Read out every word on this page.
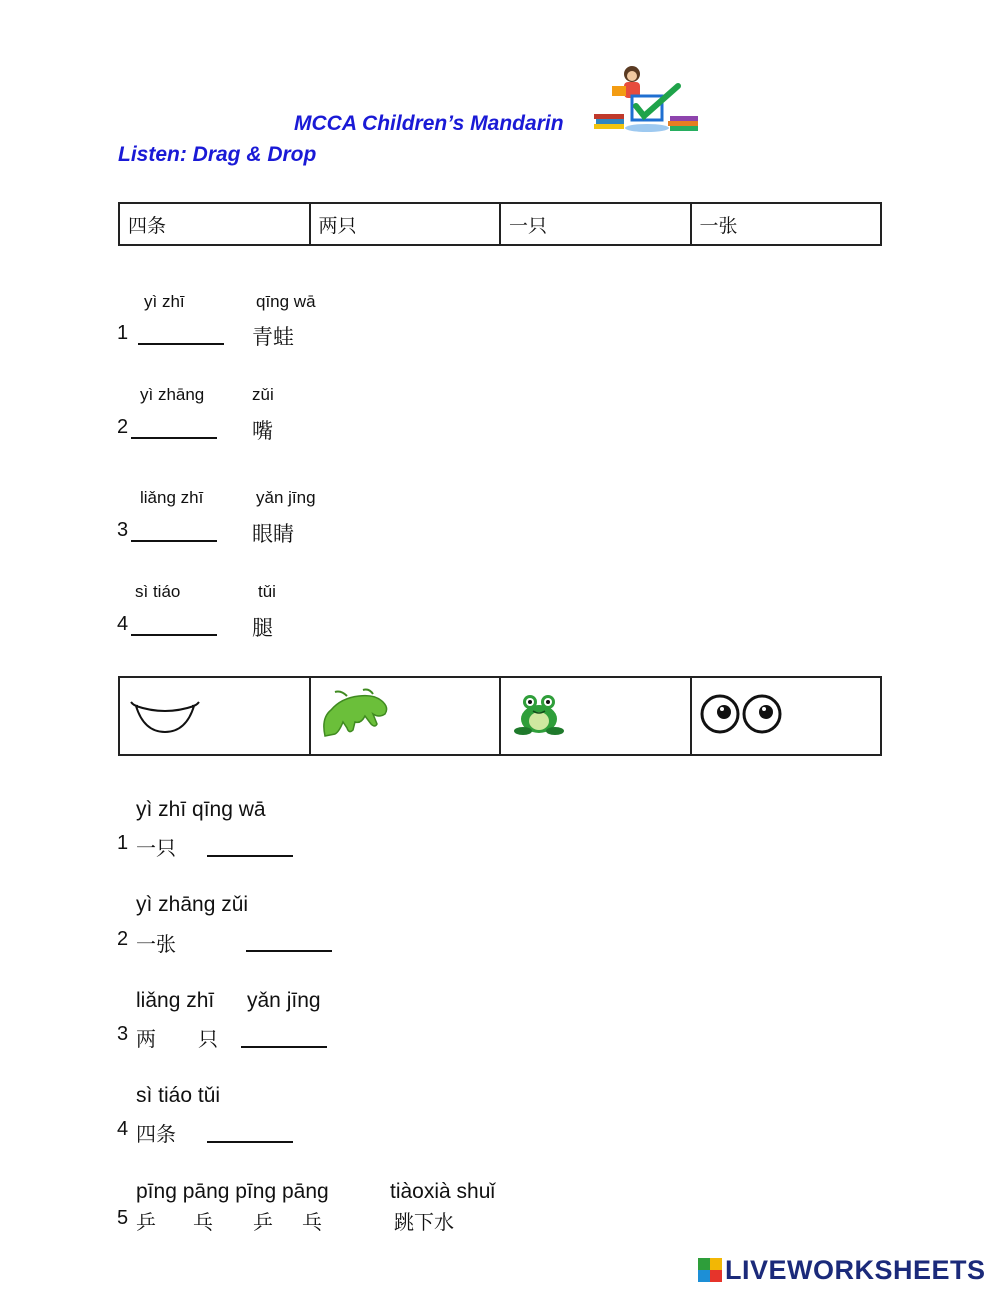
MCCA Children’s Mandarin
Listen: Drag & Drop
四条	两只	一只	一张
yì zhī	qīng wā
1	青蛙
yì zhāng	zǔi
2	嘴
liǎng zhī	yǎn jīng
3	眼睛
sì tiáo	tǔi
4	腿

yì zhī qīng wā
1 一只
yì zhāng zǔi
2 一张
liǎng zhī yǎn jīng
3 两 只
sì tiáo tǔi
4 四条
pīng pāng pīng pāng	tiàoxià shuǐ
5 乒 乓 乒 乓	跳下水
LIVEWORKSHEETS
